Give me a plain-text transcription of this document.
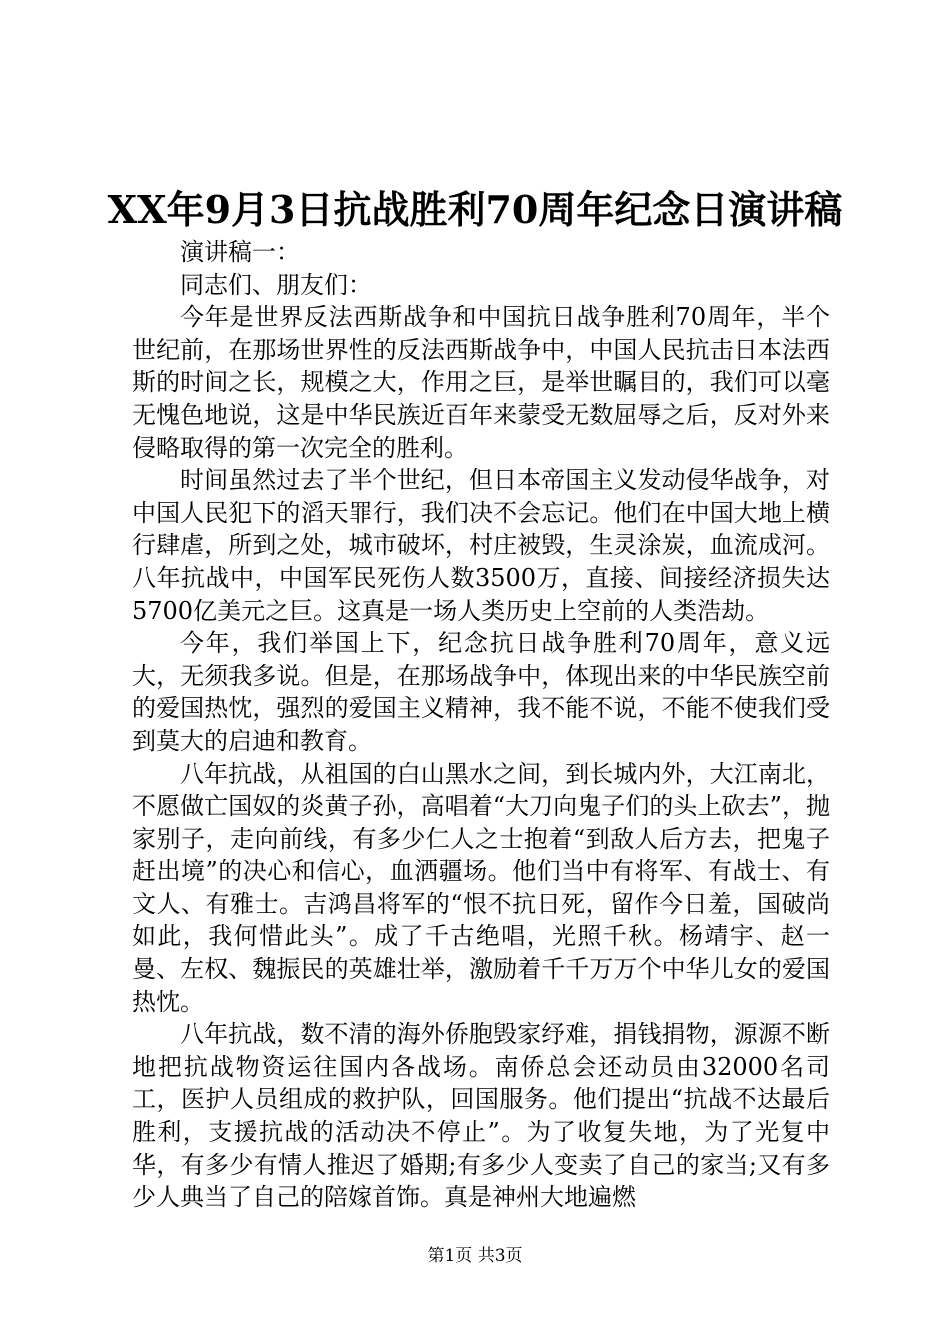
XX年9月3日抗战胜利70周年纪念日演讲稿

演讲稿一：

同志们、朋友们：

今年是世界反法西斯战争和中国抗日战争胜利70周年，半个世纪前，在那场世界性的反法西斯战争中，中国人民抗击日本法西斯的时间之长，规模之大，作用之巨，是举世瞩目的，我们可以毫无愧色地说，这是中华民族近百年来蒙受无数屈辱之后，反对外来侵略取得的第一次完全的胜利。

时间虽然过去了半个世纪，但日本帝国主义发动侵华战争，对中国人民犯下的滔天罪行，我们决不会忘记。他们在中国大地上横行肆虐，所到之处，城市破坏，村庄被毁，生灵涂炭，血流成河。八年抗战中，中国军民死伤人数3500万，直接、间接经济损失达5700亿美元之巨。这真是一场人类历史上空前的人类浩劫。

今年，我们举国上下，纪念抗日战争胜利70周年，意义远大，无须我多说。但是，在那场战争中，体现出来的中华民族空前的爱国热忱，强烈的爱国主义精神，我不能不说，不能不使我们受到莫大的启迪和教育。

八年抗战，从祖国的白山黑水之间，到长城内外，大江南北，不愿做亡国奴的炎黄子孙，高唱着“大刀向鬼子们的头上砍去”，抛家别子，走向前线，有多少仁人之士抱着“到敌人后方去，把鬼子赶出境”的决心和信心，血洒疆场。他们当中有将军、有战士、有文人、有雅士。吉鸿昌将军的“恨不抗日死，留作今日羞，国破尚如此，我何惜此头”。成了千古绝唱，光照千秋。杨靖宇、赵一曼、左权、魏振民的英雄壮举，激励着千千万万个中华儿女的爱国热忱。

八年抗战，数不清的海外侨胞毁家纾难，捐钱捐物，源源不断地把抗战物资运往国内各战场。南侨总会还动员由32000名司工，医护人员组成的救护队，回国服务。他们提出“抗战不达最后胜利，支援抗战的活动决不停止”。为了收复失地，为了光复中华，有多少有情人推迟了婚期;有多少人变卖了自己的家当;又有多少人典当了自己的陪嫁首饰。真是神州大地遍燃

第1页 共3页
